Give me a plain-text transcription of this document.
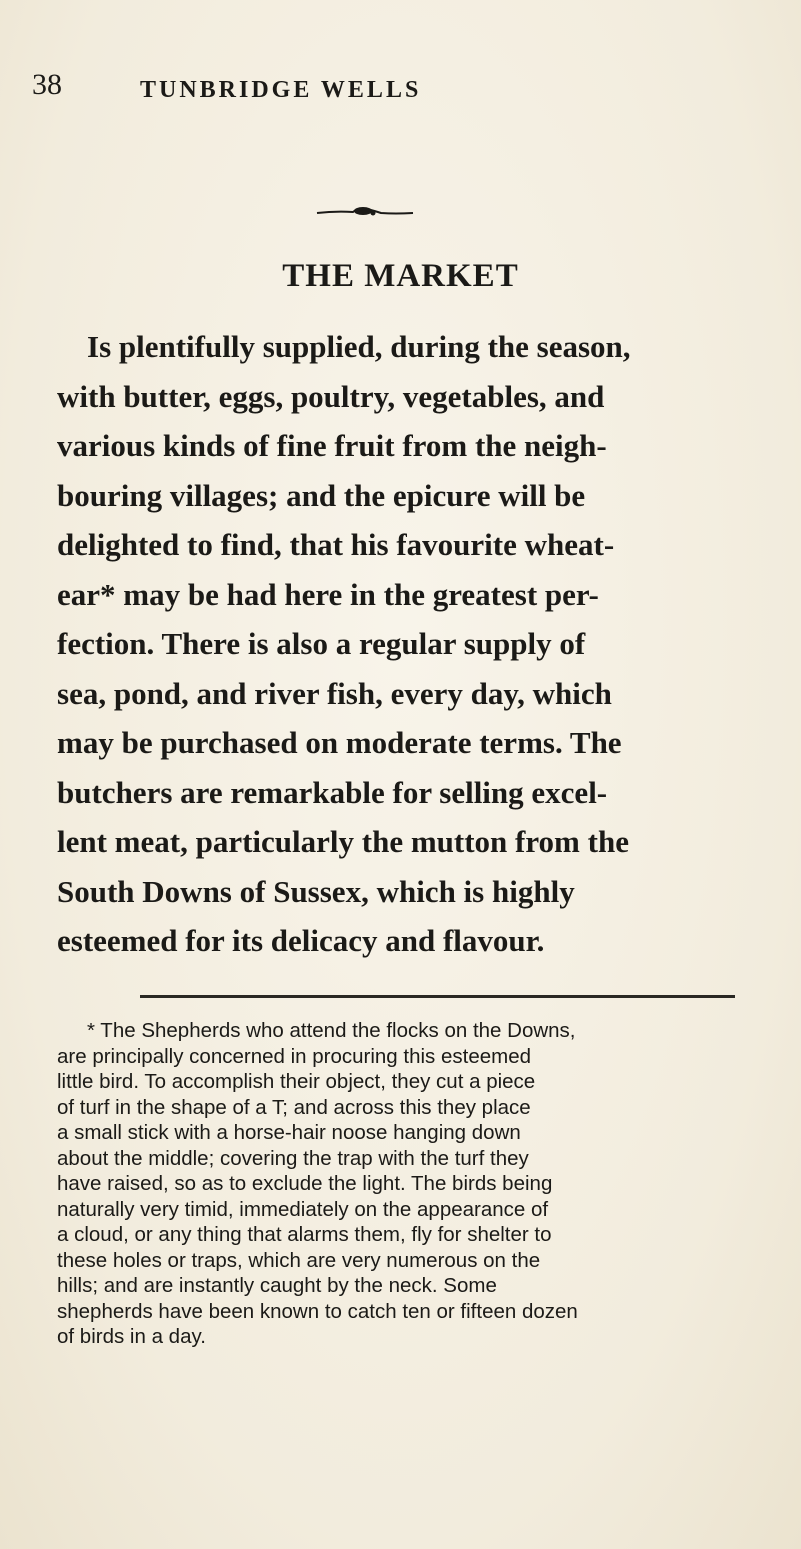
38	TUNBRIDGE WELLS
THE MARKET
Is plentifully supplied, during the season,
with butter, eggs, poultry, vegetables, and
various kinds of fine fruit from the neigh-
bouring villages; and the epicure will be
delighted to find, that his favourite wheat-
ear* may be had here in the greatest per-
fection. There is also a regular supply of
sea, pond, and river fish, every day, which
may be purchased on moderate terms. The
butchers are remarkable for selling excel-
lent meat, particularly the mutton from the
South Downs of Sussex, which is highly
esteemed for its delicacy and flavour.
* The Shepherds who attend the flocks on the Downs,
are principally concerned in procuring this esteemed
little bird. To accomplish their object, they cut a piece
of turf in the shape of a T; and across this they place
a small stick with a horse-hair noose hanging down
about the middle; covering the trap with the turf they
have raised, so as to exclude the light. The birds being
naturally very timid, immediately on the appearance of
a cloud, or any thing that alarms them, fly for shelter to
these holes or traps, which are very numerous on the
hills; and are instantly caught by the neck. Some
shepherds have been known to catch ten or fifteen dozen
of birds in a day.
